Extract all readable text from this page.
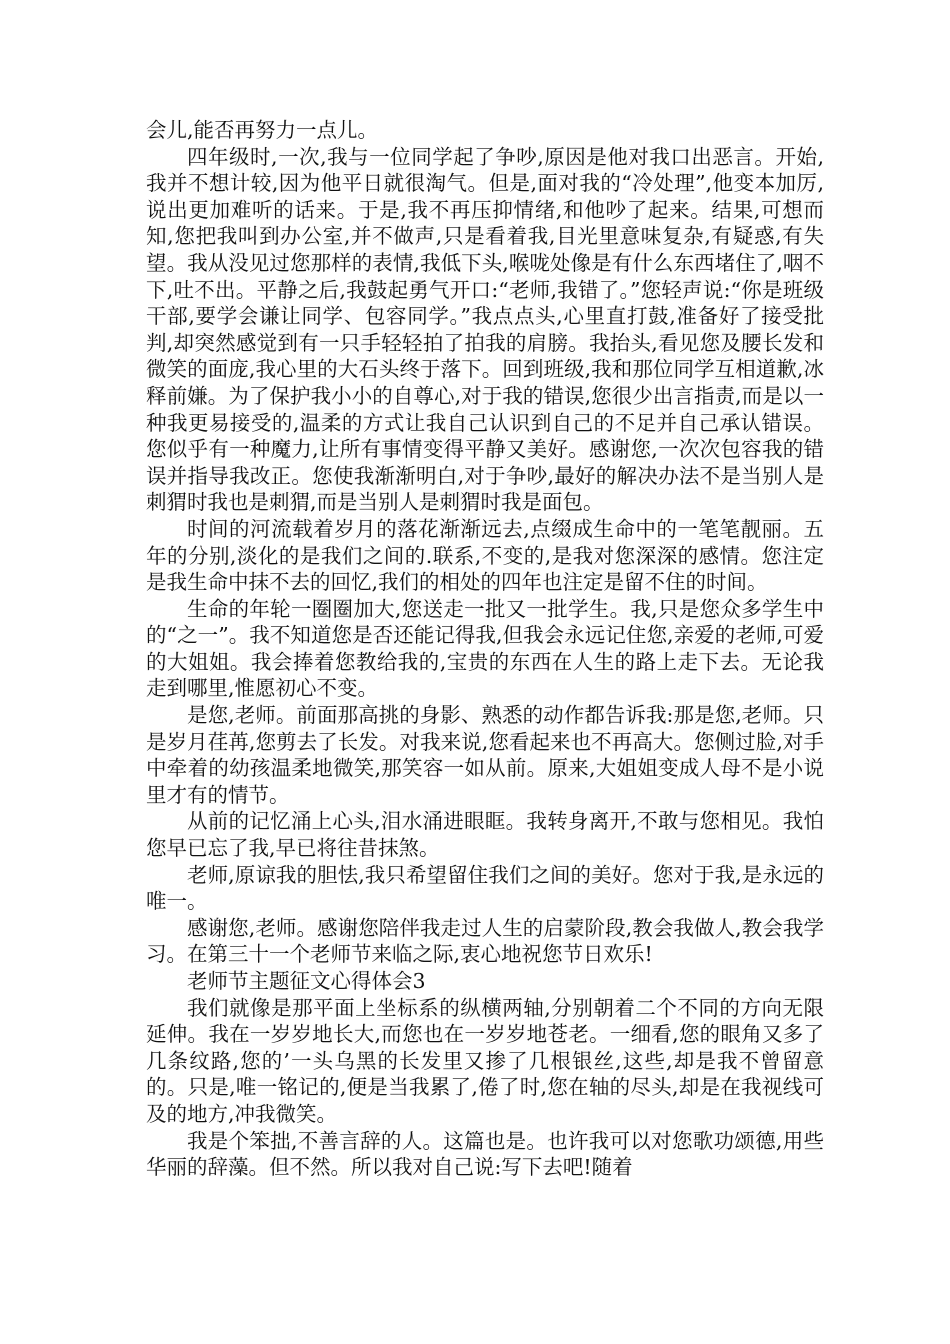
会儿,能否再努力一点儿。

四年级时,一次,我与一位同学起了争吵,原因是他对我口出恶言。开始,我并不想计较,因为他平日就很淘气。但是,面对我的“冷处理”,他变本加厉,说出更加难听的话来。于是,我不再压抑情绪,和他吵了起来。结果,可想而知,您把我叫到办公室,并不做声,只是看着我,目光里意味复杂,有疑惑,有失望。我从没见过您那样的表情,我低下头,喉咙处像是有什么东西堵住了,咽不下,吐不出。平静之后,我鼓起勇气开口:“老师,我错了。”您轻声说:“你是班级干部,要学会谦让同学、包容同学。”我点点头,心里直打鼓,准备好了接受批判,却突然感觉到有一只手轻轻拍了拍我的肩膀。我抬头,看见您及腰长发和微笑的面庞,我心里的大石头终于落下。回到班级,我和那位同学互相道歉,冰释前嫌。为了保护我小小的自尊心,对于我的错误,您很少出言指责,而是以一种我更易接受的,温柔的方式让我自己认识到自己的不足并自己承认错误。您似乎有一种魔力,让所有事情变得平静又美好。感谢您,一次次包容我的错误并指导我改正。您使我渐渐明白,对于争吵,最好的解决办法不是当别人是刺猬时我也是刺猬,而是当别人是刺猬时我是面包。

时间的河流载着岁月的落花渐渐远去,点缀成生命中的一笔笔靓丽。五年的分别,淡化的是我们之间的.联系,不变的,是我对您深深的感情。您注定是我生命中抹不去的回忆,我们的相处的四年也注定是留不住的时间。

生命的年轮一圈圈加大,您送走一批又一批学生。我,只是您众多学生中的“之一”。我不知道您是否还能记得我,但我会永远记住您,亲爱的老师,可爱的大姐姐。我会捧着您教给我的,宝贵的东西在人生的路上走下去。无论我走到哪里,惟愿初心不变。

是您,老师。前面那高挑的身影、熟悉的动作都告诉我:那是您,老师。只是岁月荏苒,您剪去了长发。对我来说,您看起来也不再高大。您侧过脸,对手中牵着的幼孩温柔地微笑,那笑容一如从前。原来,大姐姐变成人母不是小说里才有的情节。

从前的记忆涌上心头,泪水涌进眼眶。我转身离开,不敢与您相见。我怕您早已忘了我,早已将往昔抹煞。

老师,原谅我的胆怯,我只希望留住我们之间的美好。您对于我,是永远的唯一。

感谢您,老师。感谢您陪伴我走过人生的启蒙阶段,教会我做人,教会我学习。在第三十一个老师节来临之际,衷心地祝您节日欢乐!

老师节主题征文心得体会3

我们就像是那平面上坐标系的纵横两轴,分别朝着二个不同的方向无限延伸。我在一岁岁地长大,而您也在一岁岁地苍老。一细看,您的眼角又多了几条纹路,您的’一头乌黑的长发里又掺了几根银丝,这些,却是我不曾留意的。只是,唯一铭记的,便是当我累了,倦了时,您在轴的尽头,却是在我视线可及的地方,冲我微笑。

我是个笨拙,不善言辞的人。这篇也是。也许我可以对您歌功颂德,用些华丽的辞藻。但不然。所以我对自己说:写下去吧!随着
